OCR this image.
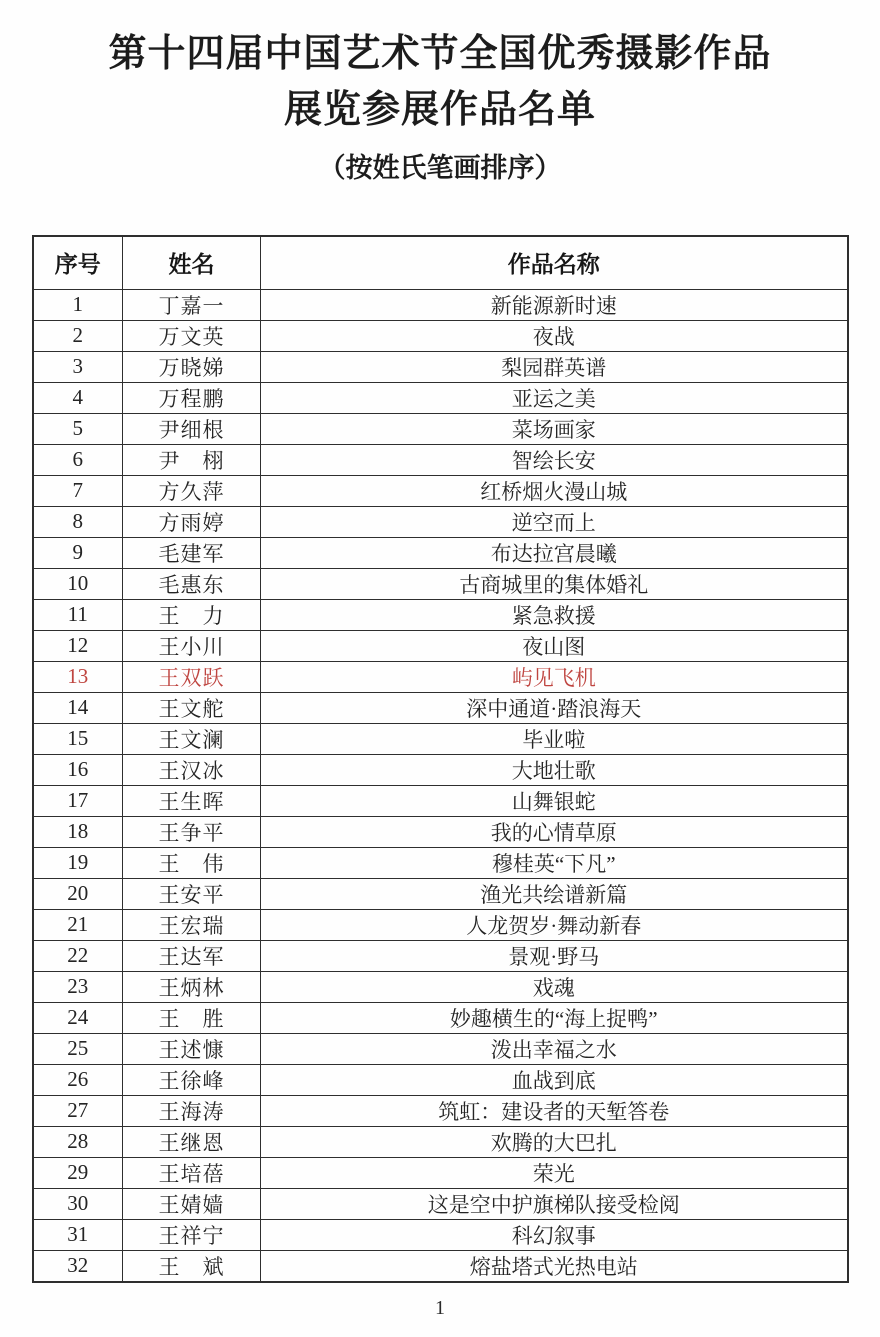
第十四届中国艺术节全国优秀摄影作品
展览参展作品名单
（按姓氏笔画排序）
序号	姓名	作品名称
1	丁嘉一	新能源新时速
2	万文英	夜战
3	万晓娣	梨园群英谱
4	万程鹏	亚运之美
5	尹细根	菜场画家
6	尹　栩	智绘长安
7	方久萍	红桥烟火漫山城
8	方雨婷	逆空而上
9	毛建军	布达拉宫晨曦
10	毛惠东	古商城里的集体婚礼
11	王　力	紧急救援
12	王小川	夜山图
13	王双跃	屿见飞机
14	王文舵	深中通道·踏浪海天
15	王文澜	毕业啦
16	王汉冰	大地壮歌
17	王生晖	山舞银蛇
18	王争平	我的心情草原
19	王　伟	穆桂英“下凡”
20	王安平	渔光共绘谱新篇
21	王宏瑞	人龙贺岁·舞动新春
22	王达军	景观·野马
23	王炳林	戏魂
24	王　胜	妙趣横生的“海上捉鸭”
25	王述慷	泼出幸福之水
26	王徐峰	血战到底
27	王海涛	筑虹：建设者的天堑答卷
28	王继恩	欢腾的大巴扎
29	王培蓓	荣光
30	王婧嫱	这是空中护旗梯队接受检阅
31	王祥宁	科幻叙事
32	王　斌	熔盐塔式光热电站
1
